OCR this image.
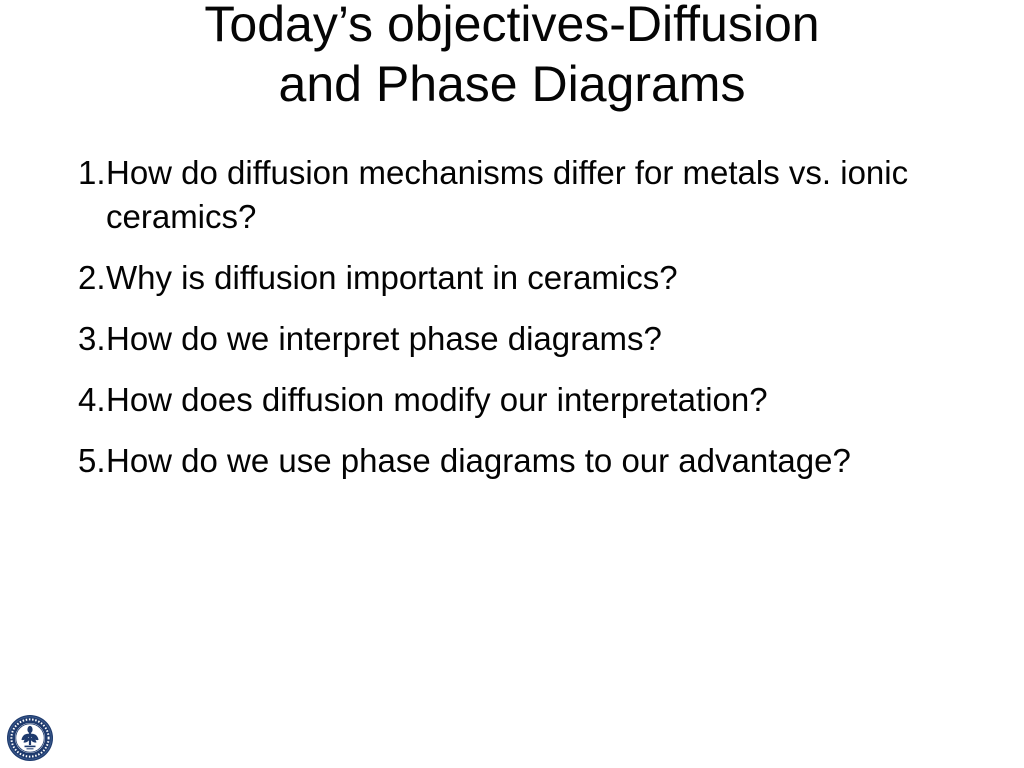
Today’s objectives-Diffusion
and Phase Diagrams
1. How do diffusion mechanisms differ for metals vs. ionic ceramics?
2. Why is diffusion important in ceramics?
3. How do we interpret phase diagrams?
4. How does diffusion modify our interpretation?
5. How do we use phase diagrams to our advantage?
